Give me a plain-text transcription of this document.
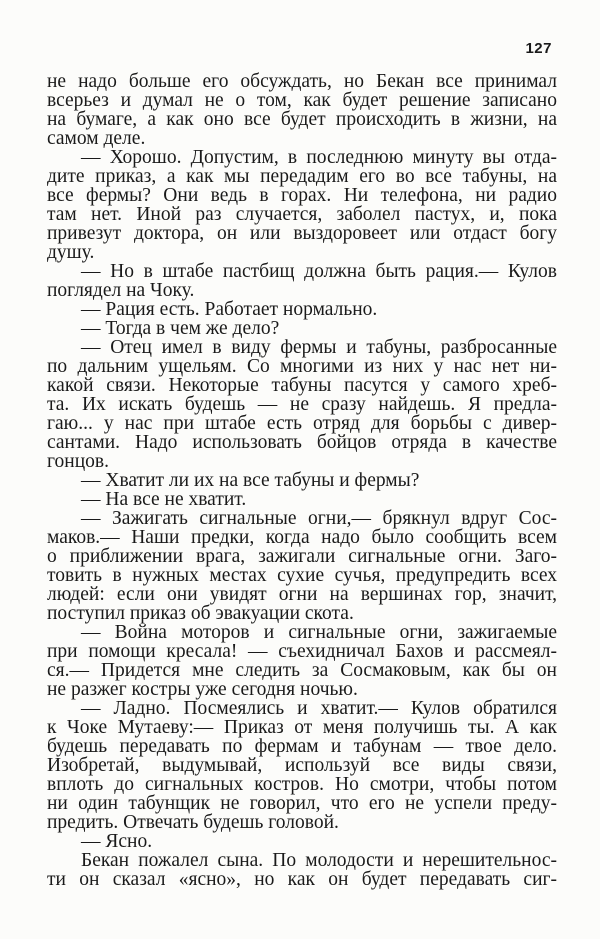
127
не надо больше его обсуждать, но Бекан все принимал
всерьез и думал не о том, как будет решение записано
на бумаге, а как оно все будет происходить в жизни, на
самом деле.
— Хорошо. Допустим, в последнюю минуту вы отда-
дите приказ, а как мы передадим его во все табуны, на
все фермы? Они ведь в горах. Ни телефона, ни радио
там нет. Иной раз случается, заболел пастух, и, пока
привезут доктора, он или выздоровеет или отдаст богу
душу.
— Но в штабе пастбищ должна быть рация.— Кулов
поглядел на Чоку.
— Рация есть. Работает нормально.
— Тогда в чем же дело?
— Отец имел в виду фермы и табуны, разбросанные
по дальним ущельям. Со многими из них у нас нет ни-
какой связи. Некоторые табуны пасутся у самого хреб-
та. Их искать будешь — не сразу найдешь. Я предла-
гаю... у нас при штабе есть отряд для борьбы с дивер-
сантами. Надо использовать бойцов отряда в качестве
гонцов.
— Хватит ли их на все табуны и фермы?
— На все не хватит.
— Зажигать сигнальные огни,— брякнул вдруг Сос-
маков.— Наши предки, когда надо было сообщить всем
о приближении врага, зажигали сигнальные огни. Заго-
товить в нужных местах сухие сучья, предупредить всех
людей: если они увидят огни на вершинах гор, значит,
поступил приказ об эвакуации скота.
— Война моторов и сигнальные огни, зажигаемые
при помощи кресала! — съехидничал Бахов и рассмеял-
ся.— Придется мне следить за Сосмаковым, как бы он
не разжег костры уже сегодня ночью.
— Ладно. Посмеялись и хватит.— Кулов обратился
к Чоке Мутаеву:— Приказ от меня получишь ты. А как
будешь передавать по фермам и табунам — твое дело.
Изобретай, выдумывай, используй все виды связи,
вплоть до сигнальных костров. Но смотри, чтобы потом
ни один табунщик не говорил, что его не успели преду-
предить. Отвечать будешь головой.
— Ясно.
Бекан пожалел сына. По молодости и нерешительнос-
ти он сказал «ясно», но как он будет передавать сиг-
